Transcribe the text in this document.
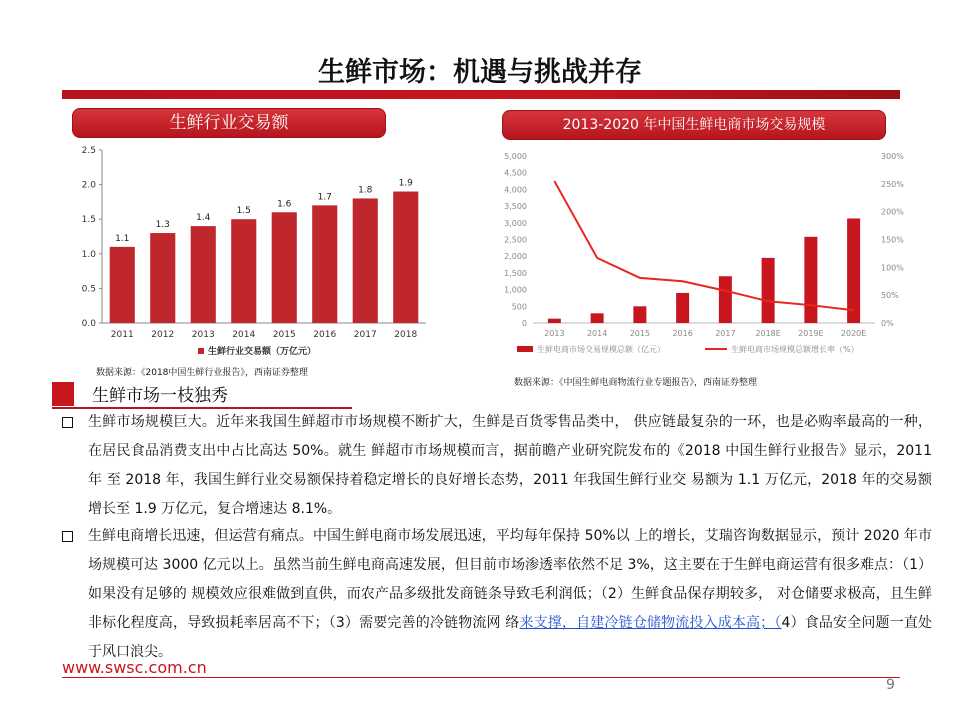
生鲜市场：机遇与挑战并存
生鲜行业交易额
0.0
0.5
1.0
1.5
2.0
2.5
1.1
2011
1.3
2012
1.4
2013
1.5
2014
1.6
2015
1.7
2016
1.8
2017
1.9
2018
生鲜行业交易额（万亿元）
数据来源：《2018中国生鲜行业报告》，西南证券整理
2013-2020 年中国生鲜电商市场交易规模
0
500
1,000
1,500
2,000
2,500
3,000
3,500
4,000
4,500
5,000
0%
50%
100%
150%
200%
250%
300%
2013	2014	2015	2016	2017 2018E 2019E 2020E
生鲜电商市场交易规模总额（亿元）	生鲜电商市场规模总额增长率（%）
数据来源：《中国生鲜电商物流行业专题报告》，西南证券整理
生鲜市场一枝独秀
生鲜市场规模巨大。近年来我国生鲜超市市场规模不断扩大，生鲜是百货零售品类中， 供应链最复杂的一环，也是必购率最高的一种，在居民食品消费支出中占比高达 50%。就生 鲜超市市场规模而言，据前瞻产业研究院发布的《2018 中国生鲜行业报告》显示，2011 年 至 2018 年，我国生鲜行业交易额保持着稳定增长的良好增长态势，2011 年我国生鲜行业交 易额为 1.1 万亿元，2018 年的交易额增长至 1.9 万亿元，复合增速达 8.1%。
生鲜电商增长迅速，但运营有痛点。中国生鲜电商市场发展迅速，平均每年保持 50%以 上的增长，艾瑞咨询数据显示，预计 2020 年市场规模可达 3000 亿元以上。虽然当前生鲜电商高速发展，但目前市场渗透率依然不足 3%，这主要在于生鲜电商运营有很多难点：（1）如果没有足够的 规模效应很难做到直供，而农产品多级批发商链条导致毛利润低；（2）生鲜食品保存期较多， 对仓储要求极高，且生鲜非标化程度高，导致损耗率居高不下；（3）需要完善的冷链物流网 络来支撑，自建冷链仓储物流投入成本高；（4）食品安全问题一直处于风口浪尖。
www.swsc.com.cn
9
